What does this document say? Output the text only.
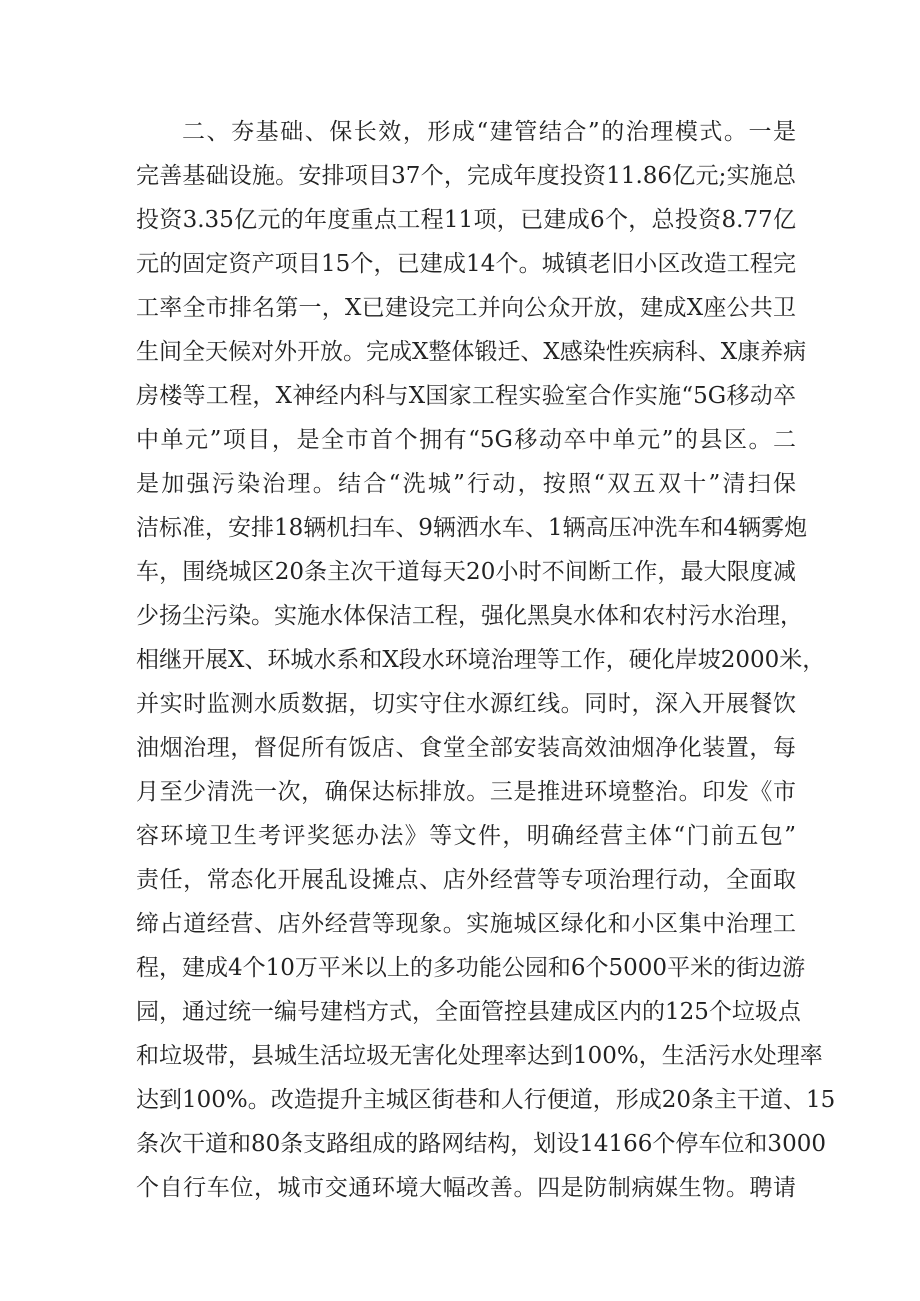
二、夯基础、保长效，形成“建管结合”的治理模式。一是
完善基础设施。安排项目37个，完成年度投资11.86亿元;实施总
投资3.35亿元的年度重点工程11项，已建成6个，总投资8.77亿
元的固定资产项目15个，已建成14个。城镇老旧小区改造工程完
工率全市排名第一，X已建设完工并向公众开放，建成X座公共卫
生间全天候对外开放。完成X整体锻迁、X感染性疾病科、X康养病
房楼等工程，X神经内科与X国家工程实验室合作实施“5G移动卒
中单元”项目，是全市首个拥有“5G移动卒中单元”的县区。二
是加强污染治理。结合“洗城”行动，按照“双五双十”清扫保
洁标准，安排18辆机扫车、9辆洒水车、1辆高压冲洗车和4辆雾炮
车，围绕城区20条主次干道每天20小时不间断工作，最大限度减
少扬尘污染。实施水体保洁工程，强化黑臭水体和农村污水治理，
相继开展X、环城水系和X段水环境治理等工作，硬化岸坡2000米，
并实时监测水质数据，切实守住水源红线。同时，深入开展餐饮
油烟治理，督促所有饭店、食堂全部安装高效油烟净化装置，每
月至少清洗一次，确保达标排放。三是推进环境整治。印发《市
容环境卫生考评奖惩办法》等文件，明确经营主体“门前五包”
责任，常态化开展乱设摊点、店外经营等专项治理行动，全面取
缔占道经营、店外经营等现象。实施城区绿化和小区集中治理工
程，建成4个10万平米以上的多功能公园和6个5000平米的街边游
园，通过统一编号建档方式，全面管控县建成区内的125个垃圾点
和垃圾带，县城生活垃圾无害化处理率达到100%，生活污水处理率
达到100%。改造提升主城区街巷和人行便道，形成20条主干道、15
条次干道和80条支路组成的路网结构，划设14166个停车位和3000
个自行车位，城市交通环境大幅改善。四是防制病媒生物。聘请
